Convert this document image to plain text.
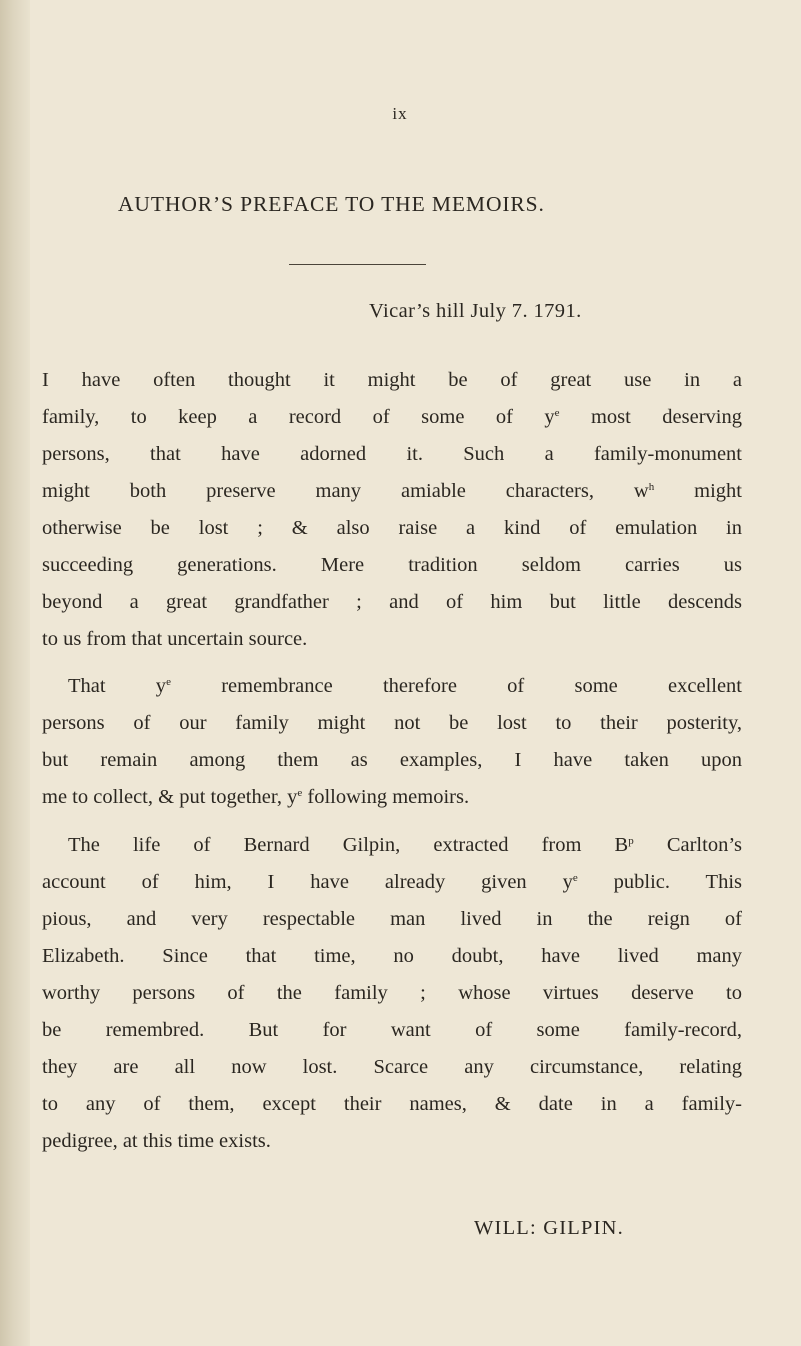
ix
AUTHOR’S PREFACE TO THE MEMOIRS.
Vicar’s hill July 7. 1791.
I have often thought it might be of great use in a
family, to keep a record of some of $y^e$ most deserving
persons, that have adorned it. Such a family-monument
might both preserve many amiable characters, $w^h$ might
otherwise be lost ; & also raise a kind of emulation in
succeeding generations. Mere tradition seldom carries us
beyond a great grandfather ; and of him but little descends
to us from that uncertain source.
That $y^e$ remembrance therefore of some excellent
persons of our family might not be lost to their posterity,
but remain among them as examples, I have taken upon
me to collect, & put together, $y^e$ following memoirs.
The life of Bernard Gilpin, extracted from $B^p$ Carlton’s
account of him, I have already given $y^e$ public. This
pious, and very respectable man lived in the reign of
Elizabeth. Since that time, no doubt, have lived many
worthy persons of the family ; whose virtues deserve to
be remembred. But for want of some family-record,
they are all now lost. Scarce any circumstance, relating
to any of them, except their names, & date in a family-
pedigree, at this time exists.
WILL: GILPIN.
